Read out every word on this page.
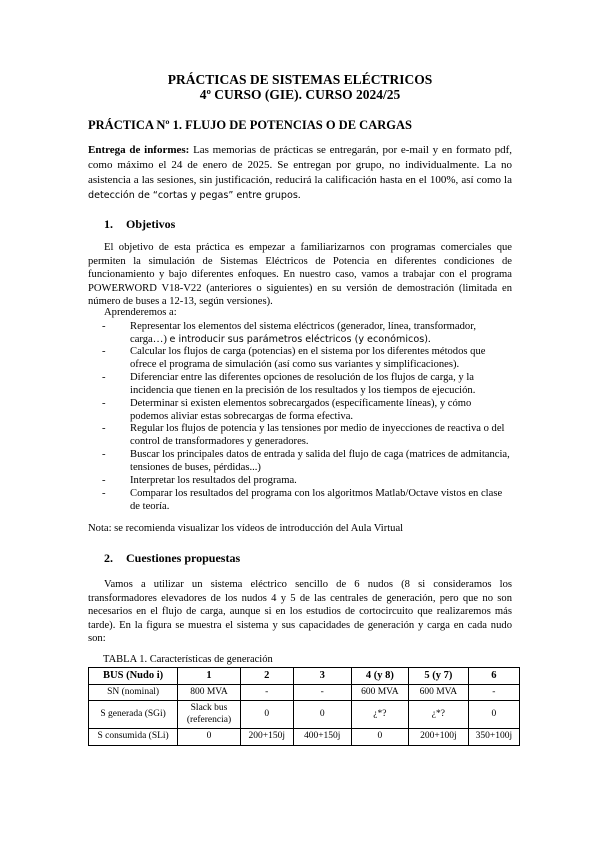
PRÁCTICAS DE SISTEMAS ELÉCTRICOS
4º CURSO (GIE). CURSO 2024/25
PRÁCTICA Nº 1. FLUJO DE POTENCIAS O DE CARGAS

Entrega de informes: Las memorias de prácticas se entregarán, por e-mail y en formato pdf, como máximo el 24 de enero de 2025. Se entregan por grupo, no individualmente. La no asistencia a las sesiones, sin justificación, reducirá la calificación hasta en el 100%, así como la detección de “cortas y pegas” entre grupos.

1. Objetivos

El objetivo de esta práctica es empezar a familiarizarnos con programas comerciales que permiten la simulación de Sistemas Eléctricos de Potencia en diferentes condiciones de funcionamiento y bajo diferentes enfoques. En nuestro caso, vamos a trabajar con el programa POWERWORD V18-V22 (anteriores o siguientes) en su versión de demostración (limitada en número de buses a 12-13, según versiones).

Aprenderemos a:
- Representar los elementos del sistema eléctricos (generador, línea, transformador, carga…) e introducir sus parámetros eléctricos (y económicos).
- Calcular los flujos de carga (potencias) en el sistema por los diferentes métodos que ofrece el programa de simulación (así como sus variantes y simplificaciones).
- Diferenciar entre las diferentes opciones de resolución de los flujos de carga, y la incidencia que tienen en la precisión de los resultados y los tiempos de ejecución.
- Determinar si existen elementos sobrecargados (específicamente líneas), y cómo podemos aliviar estas sobrecargas de forma efectiva.
- Regular los flujos de potencia y las tensiones por medio de inyecciones de reactiva o del control de transformadores y generadores.
- Buscar los principales datos de entrada y salida del flujo de caga (matrices de admitancia, tensiones de buses, pérdidas...)
- Interpretar los resultados del programa.
- Comparar los resultados del programa con los algoritmos Matlab/Octave vistos en clase de teoría.
Nota: se recomienda visualizar los vídeos de introducción del Aula Virtual
2. Cuestiones propuestas

Vamos a utilizar un sistema eléctrico sencillo de 6 nudos (8 si consideramos los transformadores elevadores de los nudos 4 y 5 de las centrales de generación, pero que no son necesarios en el flujo de carga, aunque si en los estudios de cortocircuito que realizaremos más tarde). En la figura se muestra el sistema y sus capacidades de generación y carga en cada nudo son:

TABLA 1. Características de generación
BUS (Nudo i)	1	2	3	4 (y 8)	5 (y 7)	6
SN (nominal)	800 MVA	-	-	600 MVA	600 MVA	-
S generada (SGi)	Slack bus (referencia)	0	0	¿*?	¿*?	0
S consumida (SLi)	0	200+150j	400+150j	0	200+100j	350+100j
